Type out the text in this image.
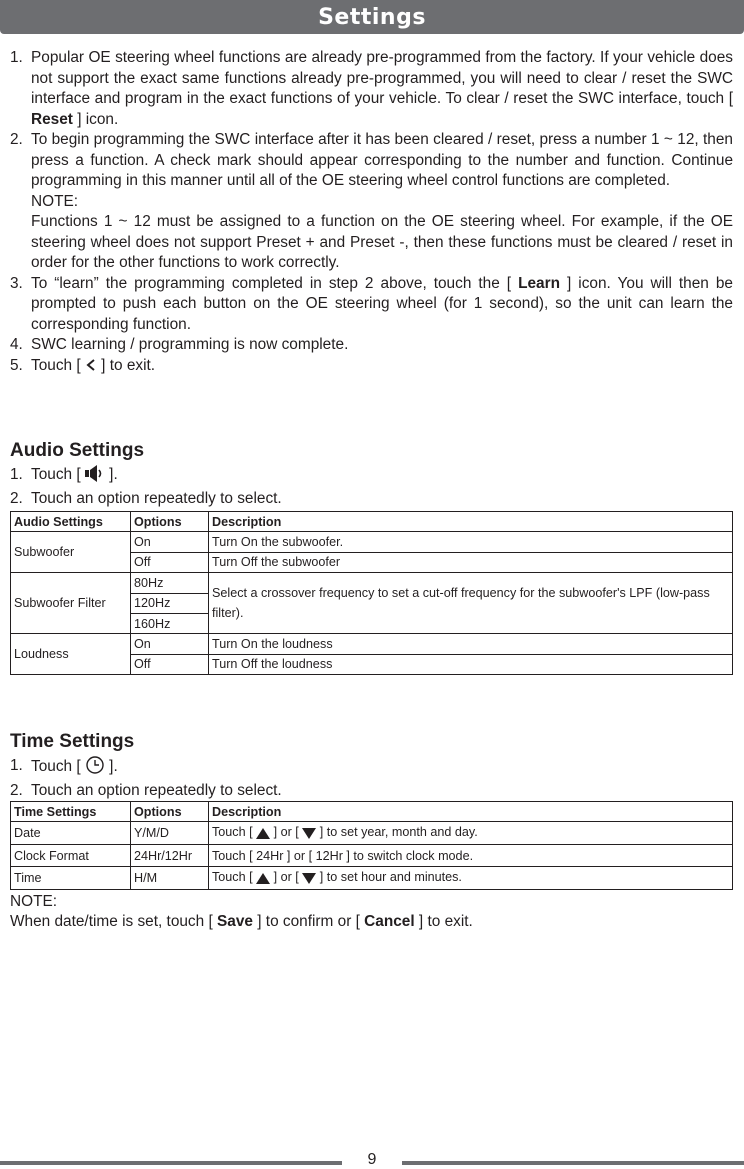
Settings
1. Popular OE steering wheel functions are already pre-programmed from the factory. If your vehicle does not support the exact same functions already pre-programmed, you will need to clear / reset the SWC interface and program in the exact functions of your vehicle. To clear / reset the SWC interface, touch [ Reset ] icon.
2. To begin programming the SWC interface after it has been cleared / reset, press a number 1 ~ 12, then press a function. A check mark should appear corresponding to the number and function. Continue programming in this manner until all of the OE steering wheel control functions are completed.
NOTE:
Functions 1 ~ 12 must be assigned to a function on the OE steering wheel. For example, if the OE steering wheel does not support Preset + and Preset -, then these functions must be cleared / reset in order for the other functions to work correctly.
3. To “learn” the programming completed in step 2 above, touch the [ Learn ] icon. You will then be prompted to push each button on the OE steering wheel (for 1 second), so the unit can learn the corresponding function.
4. SWC learning / programming is now complete.
5. Touch [  ] to exit.
Audio Settings
1. Touch [  ].
2. Touch an option repeatedly to select.
Audio Settings	Options	Description
Subwoofer	On	Turn On the subwoofer.
	Off	Turn Off the subwoofer
Subwoofer Filter	80Hz	Select a crossover frequency to set a cut-off frequency for the subwoofer's LPF (low-pass filter).
	120Hz	
	160Hz	
Loudness	On	Turn On the loudness
	Off	Turn Off the loudness
Time Settings
1. Touch [  ].
2. Touch an option repeatedly to select.
Time Settings	Options	Description
Date	Y/M/D	Touch [  ] or [  ] to set year, month and day.
Clock Format	24Hr/12Hr	Touch [ 24Hr ] or [ 12Hr ] to switch clock mode.
Time	H/M	Touch [  ] or [  ] to set hour and minutes.
NOTE:
When date/time is set, touch [ Save ] to confirm or [ Cancel ] to exit.
9
